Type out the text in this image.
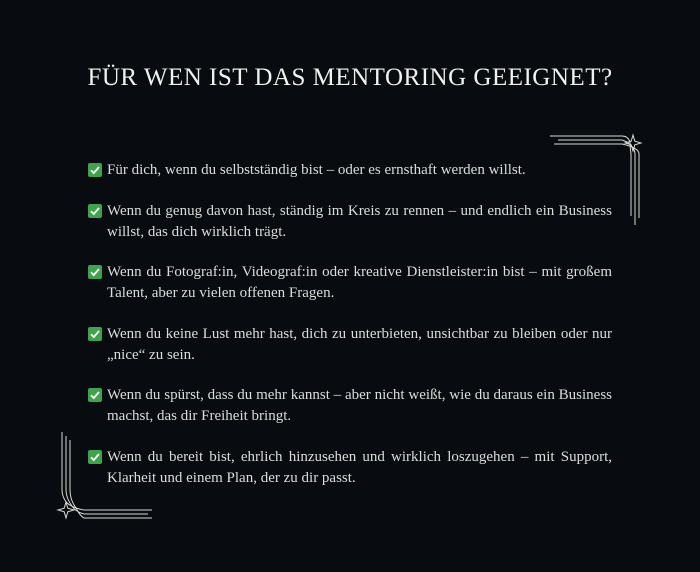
FÜR WEN IST DAS MENTORING GEEIGNET?
Für dich, wenn du selbstständig bist – oder es ernsthaft werden willst.
Wenn du genug davon hast, ständig im Kreis zu rennen – und endlich ein Business willst, das dich wirklich trägt.
Wenn du Fotograf:in, Videograf:in oder kreative Dienstleister:in bist – mit großem Talent, aber zu vielen offenen Fragen.
Wenn du keine Lust mehr hast, dich zu unterbieten, unsichtbar zu bleiben oder nur „nice“ zu sein.
Wenn du spürst, dass du mehr kannst – aber nicht weißt, wie du daraus ein Business machst, das dir Freiheit bringt.
Wenn du bereit bist, ehrlich hinzusehen und wirklich loszugehen – mit Support, Klarheit und einem Plan, der zu dir passt.
